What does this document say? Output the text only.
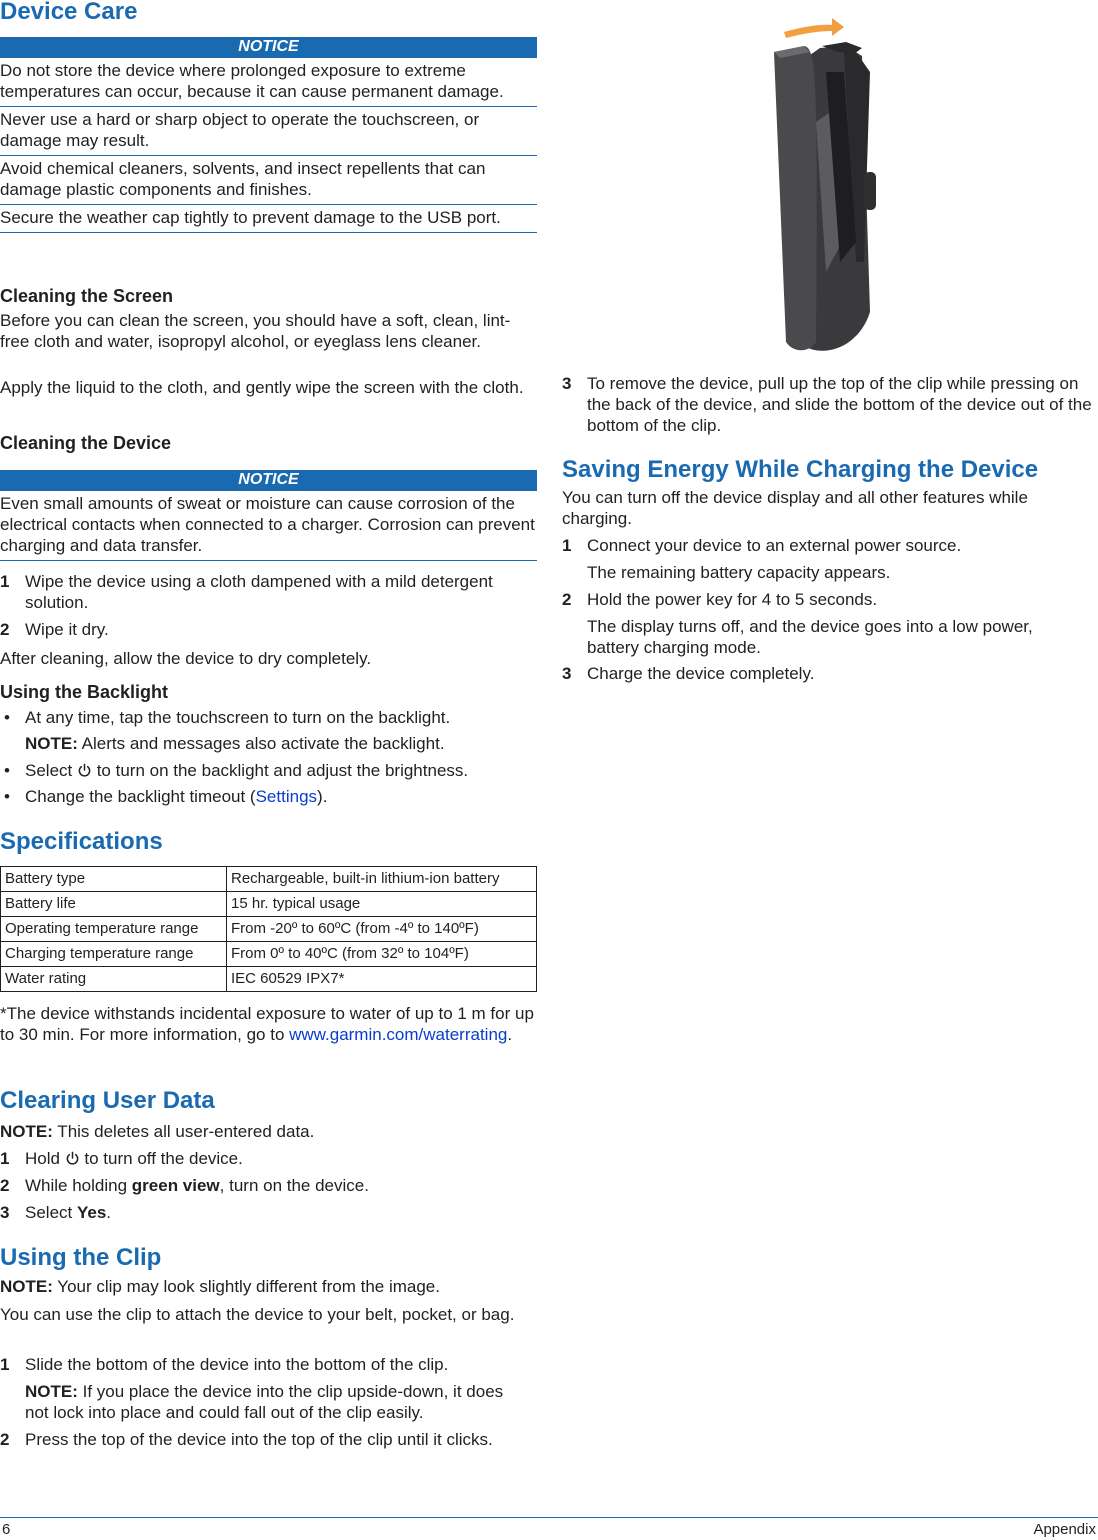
Device Care
NOTICE
Do not store the device where prolonged exposure to extreme temperatures can occur, because it can cause permanent damage.
Never use a hard or sharp object to operate the touchscreen, or damage may result.
Avoid chemical cleaners, solvents, and insect repellents that can damage plastic components and finishes.
Secure the weather cap tightly to prevent damage to the USB port.
Cleaning the Screen

Before you can clean the screen, you should have a soft, clean, lint-free cloth and water, isopropyl alcohol, or eyeglass lens cleaner.

Apply the liquid to the cloth, and gently wipe the screen with the cloth.

Cleaning the Device
NOTICE
Even small amounts of sweat or moisture can cause corrosion of the electrical contacts when connected to a charger. Corrosion can prevent charging and data transfer.
1 Wipe the device using a cloth dampened with a mild detergent solution.
2 Wipe it dry.

After cleaning, allow the device to dry completely.

Using the Backlight
• At any time, tap the touchscreen to turn on the backlight.

NOTE: Alerts and messages also activate the backlight.

• Select  to turn on the backlight and adjust the brightness.
• Change the backlight timeout (Settings).
Specifications
Battery type	Rechargeable, built-in lithium-ion battery
Battery life	15 hr. typical usage
Operating temperature range	From -20º to 60ºC (from -4º to 140ºF)
Charging temperature range	From 0º to 40ºC (from 32º to 104ºF)
Water rating	IEC 60529 IPX7*

*The device withstands incidental exposure to water of up to 1 m for up to 30 min. For more information, go to www.garmin.com/waterrating.

Clearing User Data

NOTE: This deletes all user-entered data.

1 Hold  to turn off the device.
2 While holding green view, turn on the device.
3 Select Yes.
Using the Clip

NOTE: Your clip may look slightly different from the image.

You can use the clip to attach the device to your belt, pocket, or bag.

1 Slide the bottom of the device into the bottom of the clip.

NOTE: If you place the device into the clip upside-down, it does not lock into place and could fall out of the clip easily.

2 Press the top of the device into the top of the clip until it clicks.
3 To remove the device, pull up the top of the clip while pressing on the back of the device, and slide the bottom of the device out of the bottom of the clip.
Saving Energy While Charging the Device

You can turn off the device display and all other features while charging.

1 Connect your device to an external power source.

The remaining battery capacity appears.

2 Hold the power key for 4 to 5 seconds.

The display turns off, and the device goes into a low power, battery charging mode.

3 Charge the device completely.
6	Appendix
